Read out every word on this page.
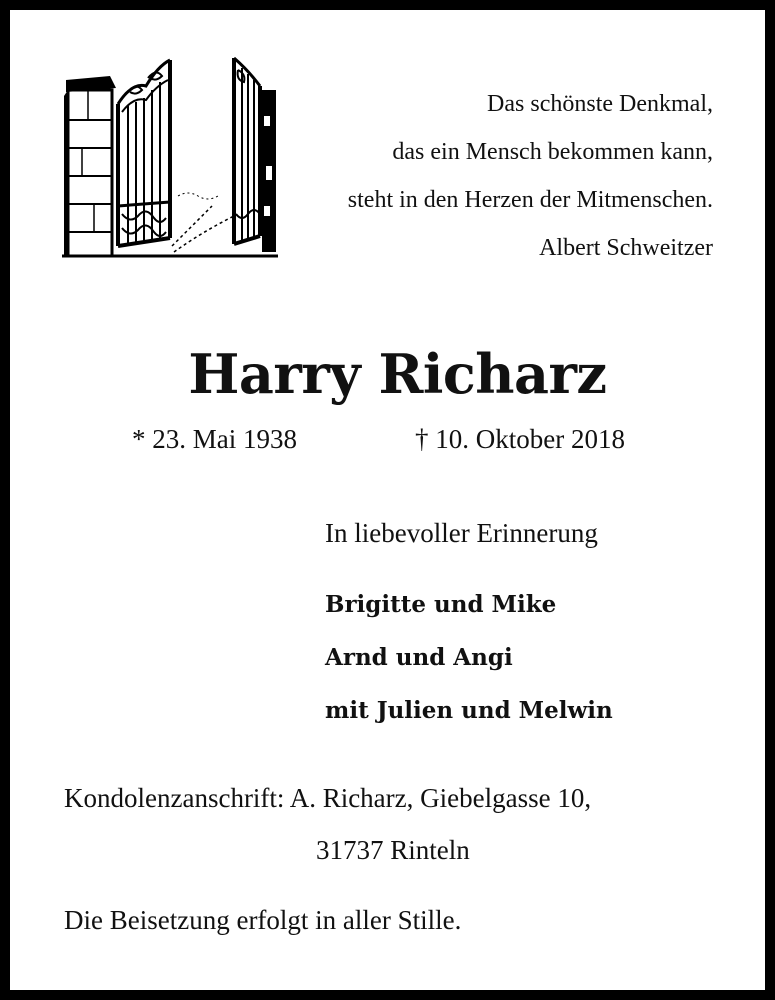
Das schönste Denkmal,
das ein Mensch bekommen kann,
steht in den Herzen der Mitmenschen.
Albert Schweitzer
Harry Richarz
* 23. Mai 1938	† 10. Oktober 2018
In liebevoller Erinnerung
Brigitte und Mike
Arnd und Angi
mit Julien und Melwin
Kondolenzanschrift: A. Richarz, Giebelgasse 10,
31737 Rinteln
Die Beisetzung erfolgt in aller Stille.
